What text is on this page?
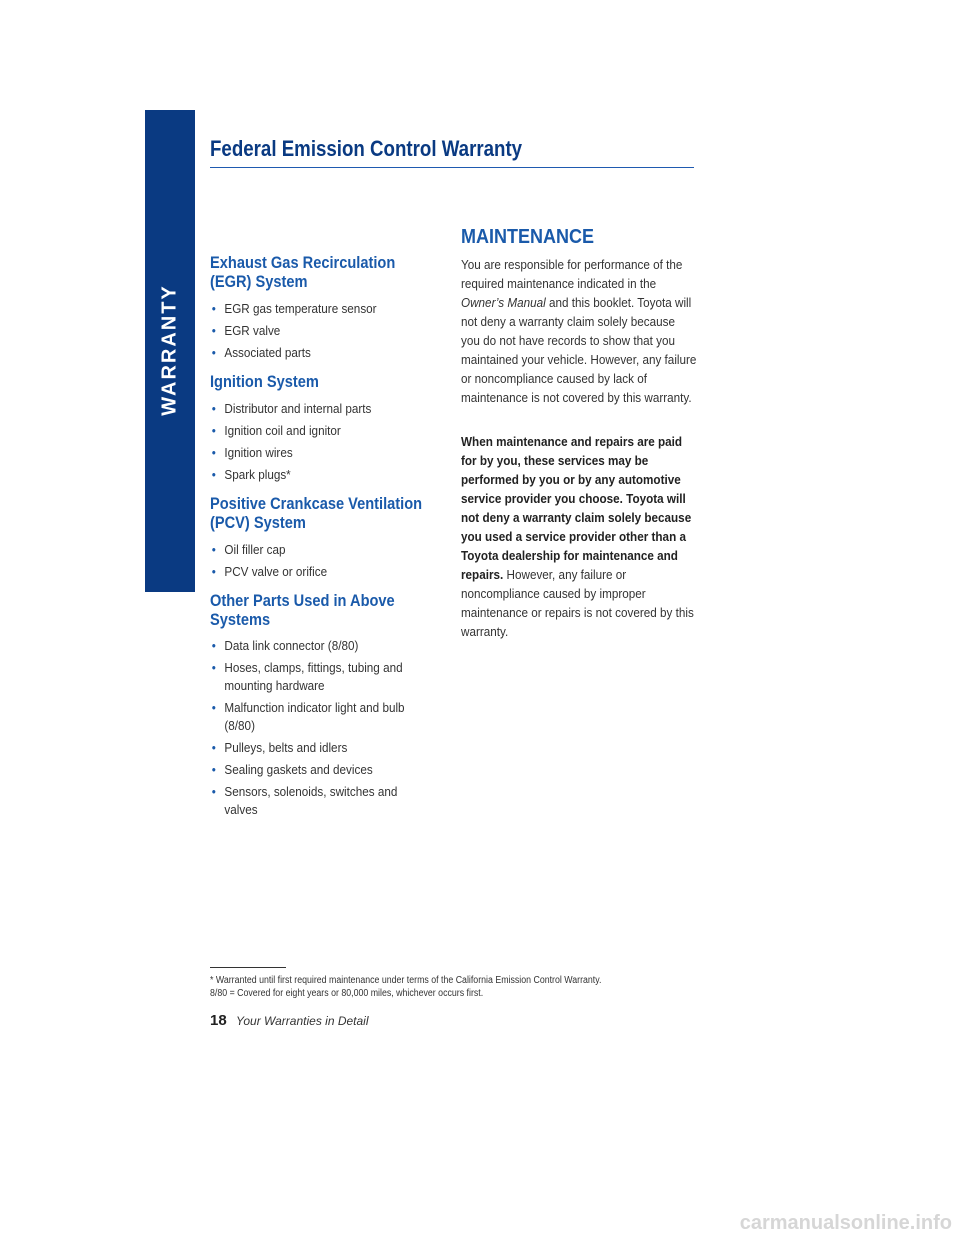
WARRANTY
Federal Emission Control Warranty
Exhaust Gas Recirculation
(EGR) System
• EGR gas temperature sensor
• EGR valve
• Associated parts
Ignition System
• Distributor and internal parts
• Ignition coil and ignitor
• Ignition wires
• Spark plugs*
Positive Crankcase Ventilation
(PCV) System
• Oil filler cap
• PCV valve or orifice
Other Parts Used in Above
Systems
• Data link connector (8/80)
• Hoses, clamps, fittings, tubing and mounting hardware
• Malfunction indicator light and bulb (8/80)
• Pulleys, belts and idlers
• Sealing gaskets and devices
• Sensors, solenoids, switches and valves
MAINTENANCE

You are responsible for performance of the required maintenance indicated in the Owner’s Manual and this booklet. Toyota will not deny a warranty claim solely because you do not have records to show that you maintained your vehicle. However, any failure or noncompliance caused by lack of maintenance is not covered by this warranty.

When maintenance and repairs are paid for by you, these services may be performed by you or by any automotive service provider you choose. Toyota will not deny a warranty claim solely because you used a service provider other than a Toyota dealership for maintenance and repairs. However, any failure or noncompliance caused by improper maintenance or repairs is not covered by this warranty.

* Warranted until first required maintenance under terms of the California Emission Control Warranty.

8/80 = Covered for eight years or 80,000 miles, whichever occurs first.

18 Your Warranties in Detail
carmanualsonline.info
